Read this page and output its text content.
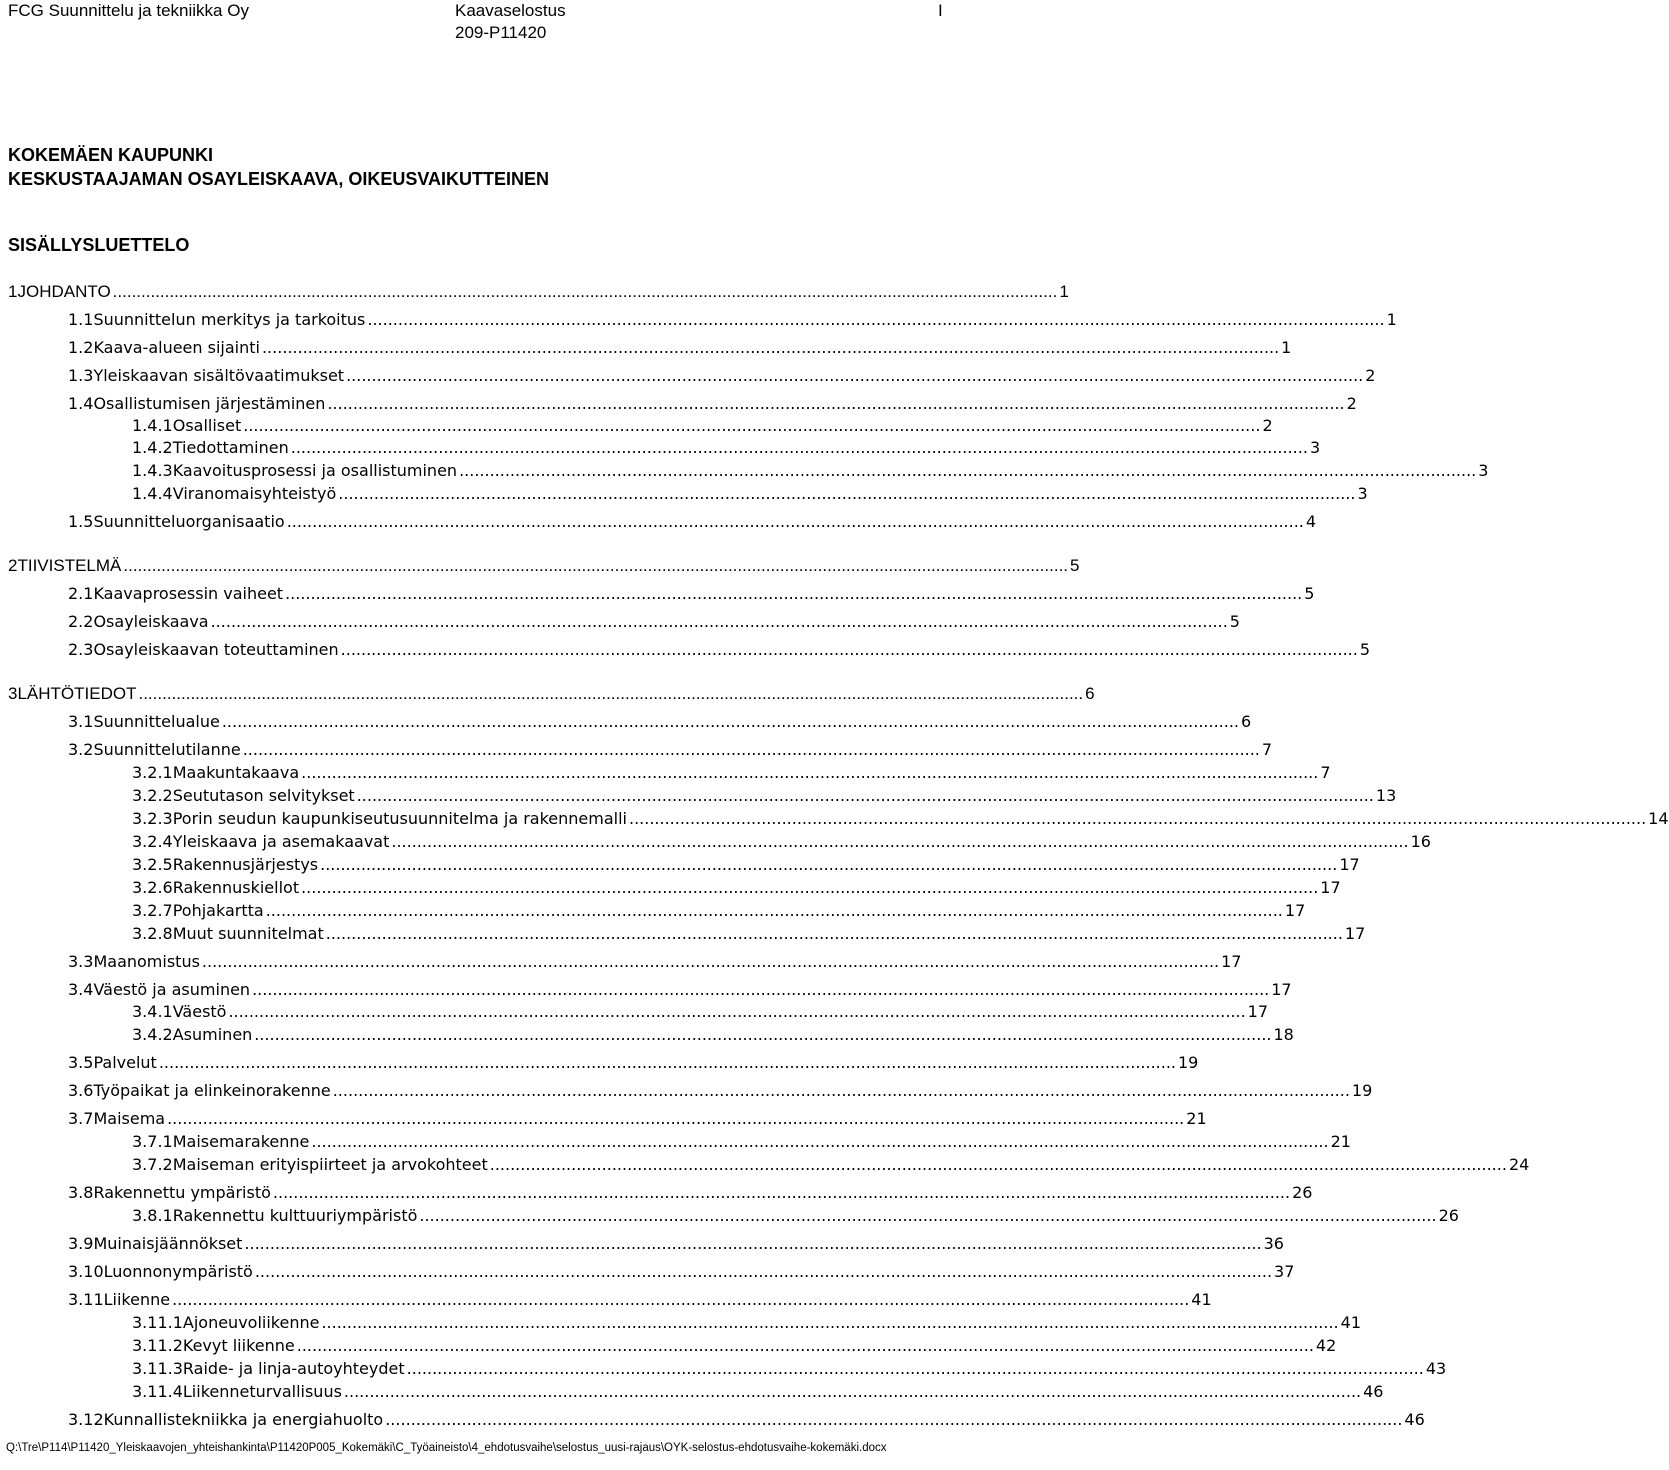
FCG Suunnittelu ja tekniikka Oy	Kaavaselostus
209-P11420
I
KOKEMÄEN KAUPUNKI
KESKUSTAAJAMAN OSAYLEISKAAVA, OIKEUSVAIKUTTEINEN
SISÄLLYSLUETTELO
1 JOHDANTO ........................................................................................................................................................................................................ 1
1.1 Suunnittelun merkitys ja tarkoitus ........................................................................................................................................................................................................ 1
1.2 Kaava-alueen sijainti ........................................................................................................................................................................................................ 1
1.3 Yleiskaavan sisältövaatimukset ........................................................................................................................................................................................................ 2
1.4 Osallistumisen järjestäminen ........................................................................................................................................................................................................ 2
1.4.1 Osalliset ........................................................................................................................................................................................................ 2
1.4.2 Tiedottaminen ........................................................................................................................................................................................................ 3
1.4.3 Kaavoitusprosessi ja osallistuminen ........................................................................................................................................................................................................ 3
1.4.4 Viranomaisyhteistyö ........................................................................................................................................................................................................ 3
1.5 Suunnitteluorganisaatio ........................................................................................................................................................................................................ 4
2 TIIVISTELMÄ ........................................................................................................................................................................................................ 5
2.1 Kaavaprosessin vaiheet ........................................................................................................................................................................................................ 5
2.2 Osayleiskaava ........................................................................................................................................................................................................ 5
2.3 Osayleiskaavan toteuttaminen ........................................................................................................................................................................................................ 5
3 LÄHTÖTIEDOT ........................................................................................................................................................................................................ 6
3.1 Suunnittelualue ........................................................................................................................................................................................................ 6
3.2 Suunnittelutilanne ........................................................................................................................................................................................................ 7
3.2.1 Maakuntakaava ........................................................................................................................................................................................................ 7
3.2.2 Seututason selvitykset ........................................................................................................................................................................................................ 13
3.2.3 Porin seudun kaupunkiseutusuunnitelma ja rakennemalli ........................................................................................................................................................................................................ 14
3.2.4 Yleiskaava ja asemakaavat ........................................................................................................................................................................................................ 16
3.2.5 Rakennusjärjestys ........................................................................................................................................................................................................ 17
3.2.6 Rakennuskiellot ........................................................................................................................................................................................................ 17
3.2.7 Pohjakartta ........................................................................................................................................................................................................ 17
3.2.8 Muut suunnitelmat ........................................................................................................................................................................................................ 17
3.3 Maanomistus ........................................................................................................................................................................................................ 17
3.4 Väestö ja asuminen ........................................................................................................................................................................................................ 17
3.4.1 Väestö ........................................................................................................................................................................................................ 17
3.4.2 Asuminen ........................................................................................................................................................................................................ 18
3.5 Palvelut ........................................................................................................................................................................................................ 19
3.6 Työpaikat ja elinkeinorakenne ........................................................................................................................................................................................................ 19
3.7 Maisema ........................................................................................................................................................................................................ 21
3.7.1 Maisemarakenne ........................................................................................................................................................................................................ 21
3.7.2 Maiseman erityispiirteet ja arvokohteet ........................................................................................................................................................................................................ 24
3.8 Rakennettu ympäristö ........................................................................................................................................................................................................ 26
3.8.1 Rakennettu kulttuuriympäristö ........................................................................................................................................................................................................ 26
3.9 Muinaisjäännökset ........................................................................................................................................................................................................ 36
3.10 Luonnonympäristö ........................................................................................................................................................................................................ 37
3.11 Liikenne ........................................................................................................................................................................................................ 41
3.11.1 Ajoneuvoliikenne ........................................................................................................................................................................................................ 41
3.11.2 Kevyt liikenne ........................................................................................................................................................................................................ 42
3.11.3 Raide- ja linja-autoyhteydet ........................................................................................................................................................................................................ 43
3.11.4 Liikenneturvallisuus ........................................................................................................................................................................................................ 46
3.12 Kunnallistekniikka ja energiahuolto ........................................................................................................................................................................................................ 46
Q:\Tre\P114\P11420_Yleiskaavojen_yhteishankinta\P11420P005_Kokemäki\C_Työaineisto\4_ehdotusvaihe\selostus_uusi-rajaus\OYK-selostus-ehdotusvaihe-kokemäki.docx
